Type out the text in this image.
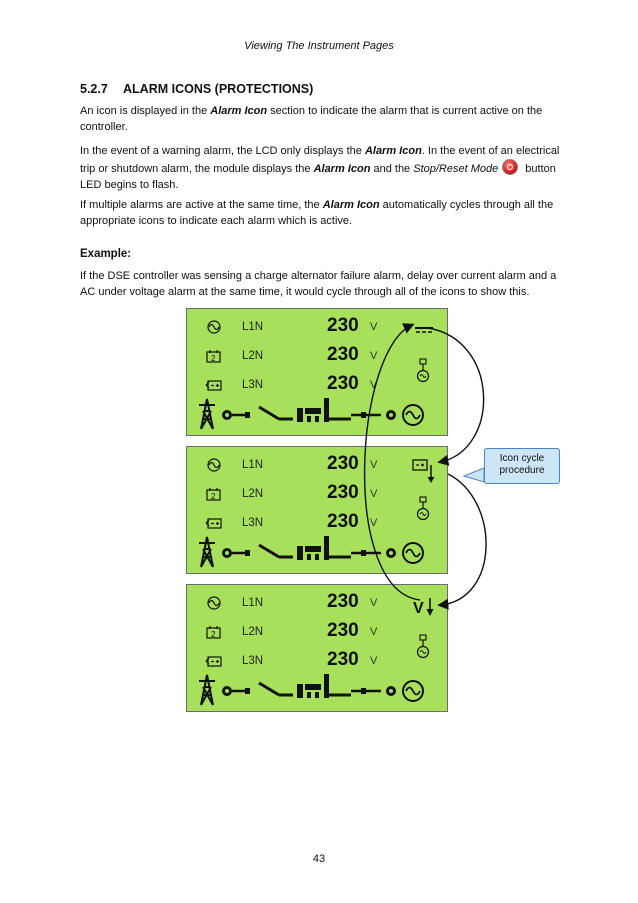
Viewing The Instrument Pages
5.2.7 ALARM ICONS (PROTECTIONS)
An icon is displayed in the Alarm Icon section to indicate the alarm that is current active on the controller.
In the event of a warning alarm, the LCD only displays the Alarm Icon. In the event of an electrical trip or shutdown alarm, the module displays the Alarm Icon and the Stop/Reset Mode button LED begins to flash.
If multiple alarms are active at the same time, the Alarm Icon automatically cycles through all the appropriate icons to indicate each alarm which is active.
Example:
If the DSE controller was sensing a charge alternator failure alarm, delay over current alarm and a AC under voltage alarm at the same time, it would cycle through all of the icons to show this.
L1N	230 V
2 L2N	230 V
L3N	230 V
L1N	230 V
2 L2N	230 V
L3N	230 V
L1N	230 V
2 L2N	230 V
L3N	230 V
V
Icon cycle
procedure
43
